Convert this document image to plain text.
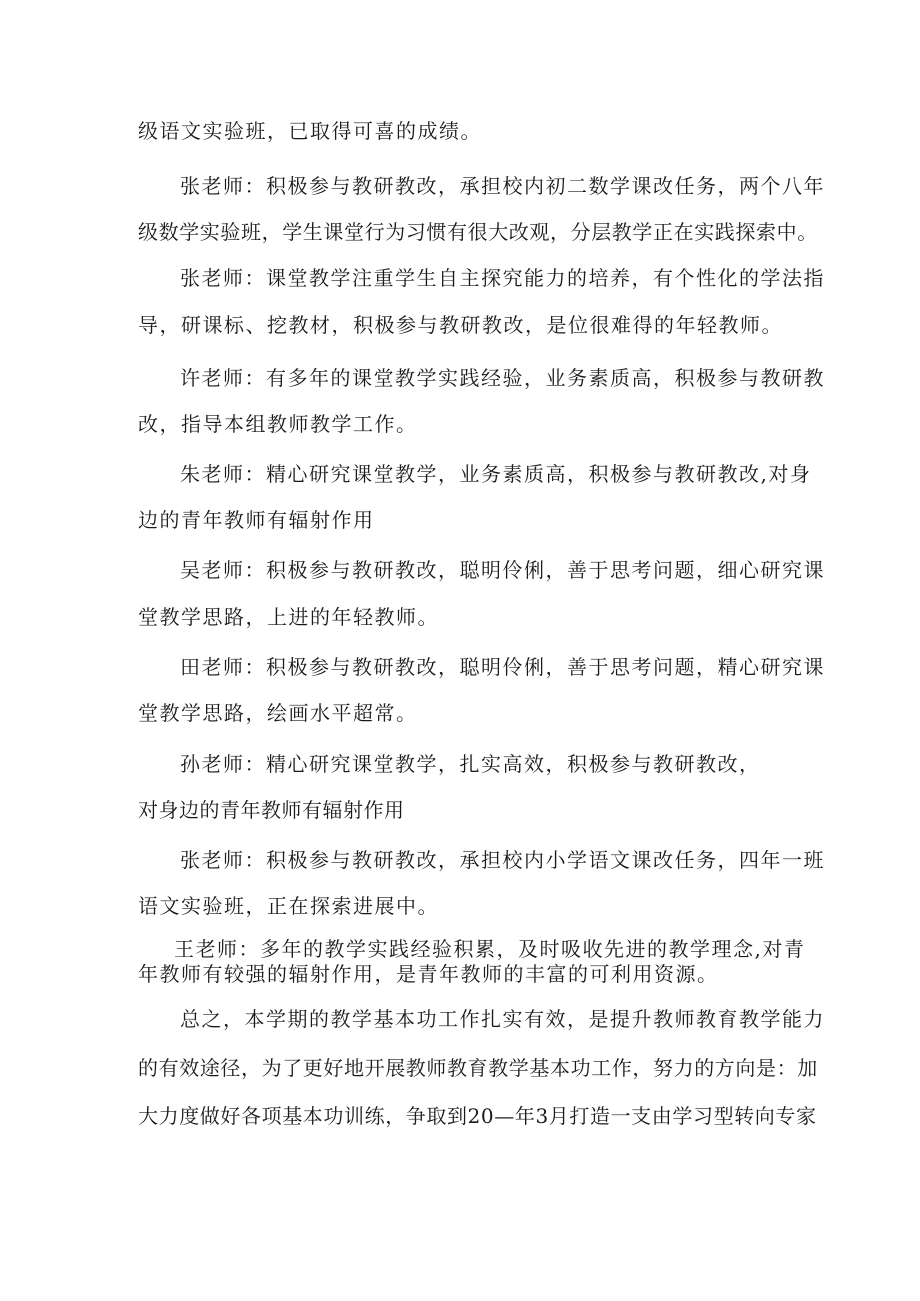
级语文实验班，已取得可喜的成绩。
张老师：积极参与教研教改，承担校内初二数学课改任务，两个八年
级数学实验班，学生课堂行为习惯有很大改观，分层教学正在实践探索中。
张老师：课堂教学注重学生自主探究能力的培养，有个性化的学法指
导，研课标、挖教材，积极参与教研教改，是位很难得的年轻教师。
许老师：有多年的课堂教学实践经验，业务素质高，积极参与教研教
改，指导本组教师教学工作。
朱老师：精心研究课堂教学，业务素质高，积极参与教研教改,对身
边的青年教师有辐射作用
吴老师：积极参与教研教改，聪明伶俐，善于思考问题，细心研究课
堂教学思路，上进的年轻教师。
田老师：积极参与教研教改，聪明伶俐，善于思考问题，精心研究课
堂教学思路，绘画水平超常。
孙老师：精心研究课堂教学，扎实高效，积极参与教研教改，
对身边的青年教师有辐射作用
张老师：积极参与教研教改，承担校内小学语文课改任务，四年一班
语文实验班，正在探索进展中。
王老师：多年的教学实践经验积累，及时吸收先进的教学理念,对青
年教师有较强的辐射作用，是青年教师的丰富的可利用资源。
总之，本学期的教学基本功工作扎实有效，是提升教师教育教学能力
的有效途径，为了更好地开展教师教育教学基本功工作，努力的方向是：加
大力度做好各项基本功训练，争取到20—年3月打造一支由学习型转向专家
